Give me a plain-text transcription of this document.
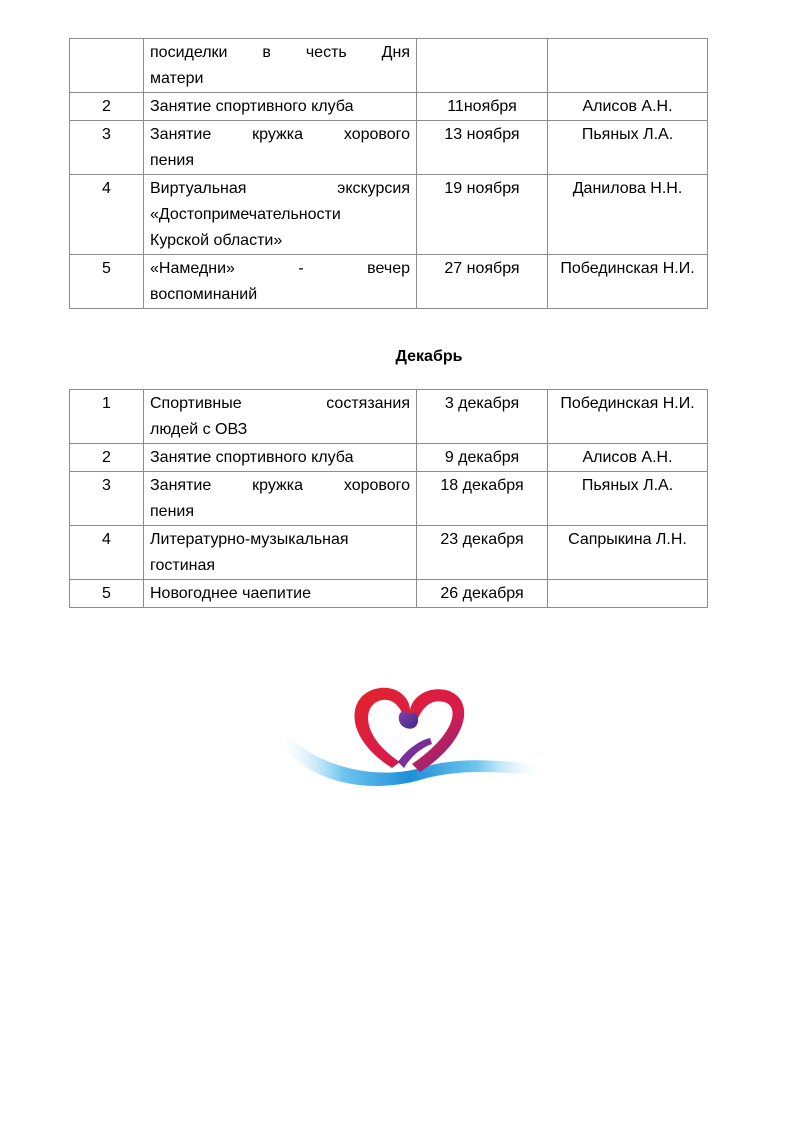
	посиделки в честь Дня
матери		

2	Занятие спортивного клуба	11ноября	Алисов А.Н.
3	Занятие кружка хорового
пения	13 ноября	Пьяных Л.А.
4	Виртуальная экскурсия
«Достопримечательности
Курской области»	19 ноября	Данилова Н.Н.
5	«Намедни» - вечер
воспоминаний	27 ноября	Побединская Н.И.
Декабрь
1	Спортивные состязания
людей с ОВЗ	3 декабря	Побединская Н.И.
2	Занятие спортивного клуба	9 декабря	Алисов А.Н.
3	Занятие кружка хорового
пения	18 декабря	Пьяных Л.А.
4	Литературно-музыкальная
гостиная	23 декабря	Сапрыкина Л.Н.
5	Новогоднее чаепитие	26 декабря	
